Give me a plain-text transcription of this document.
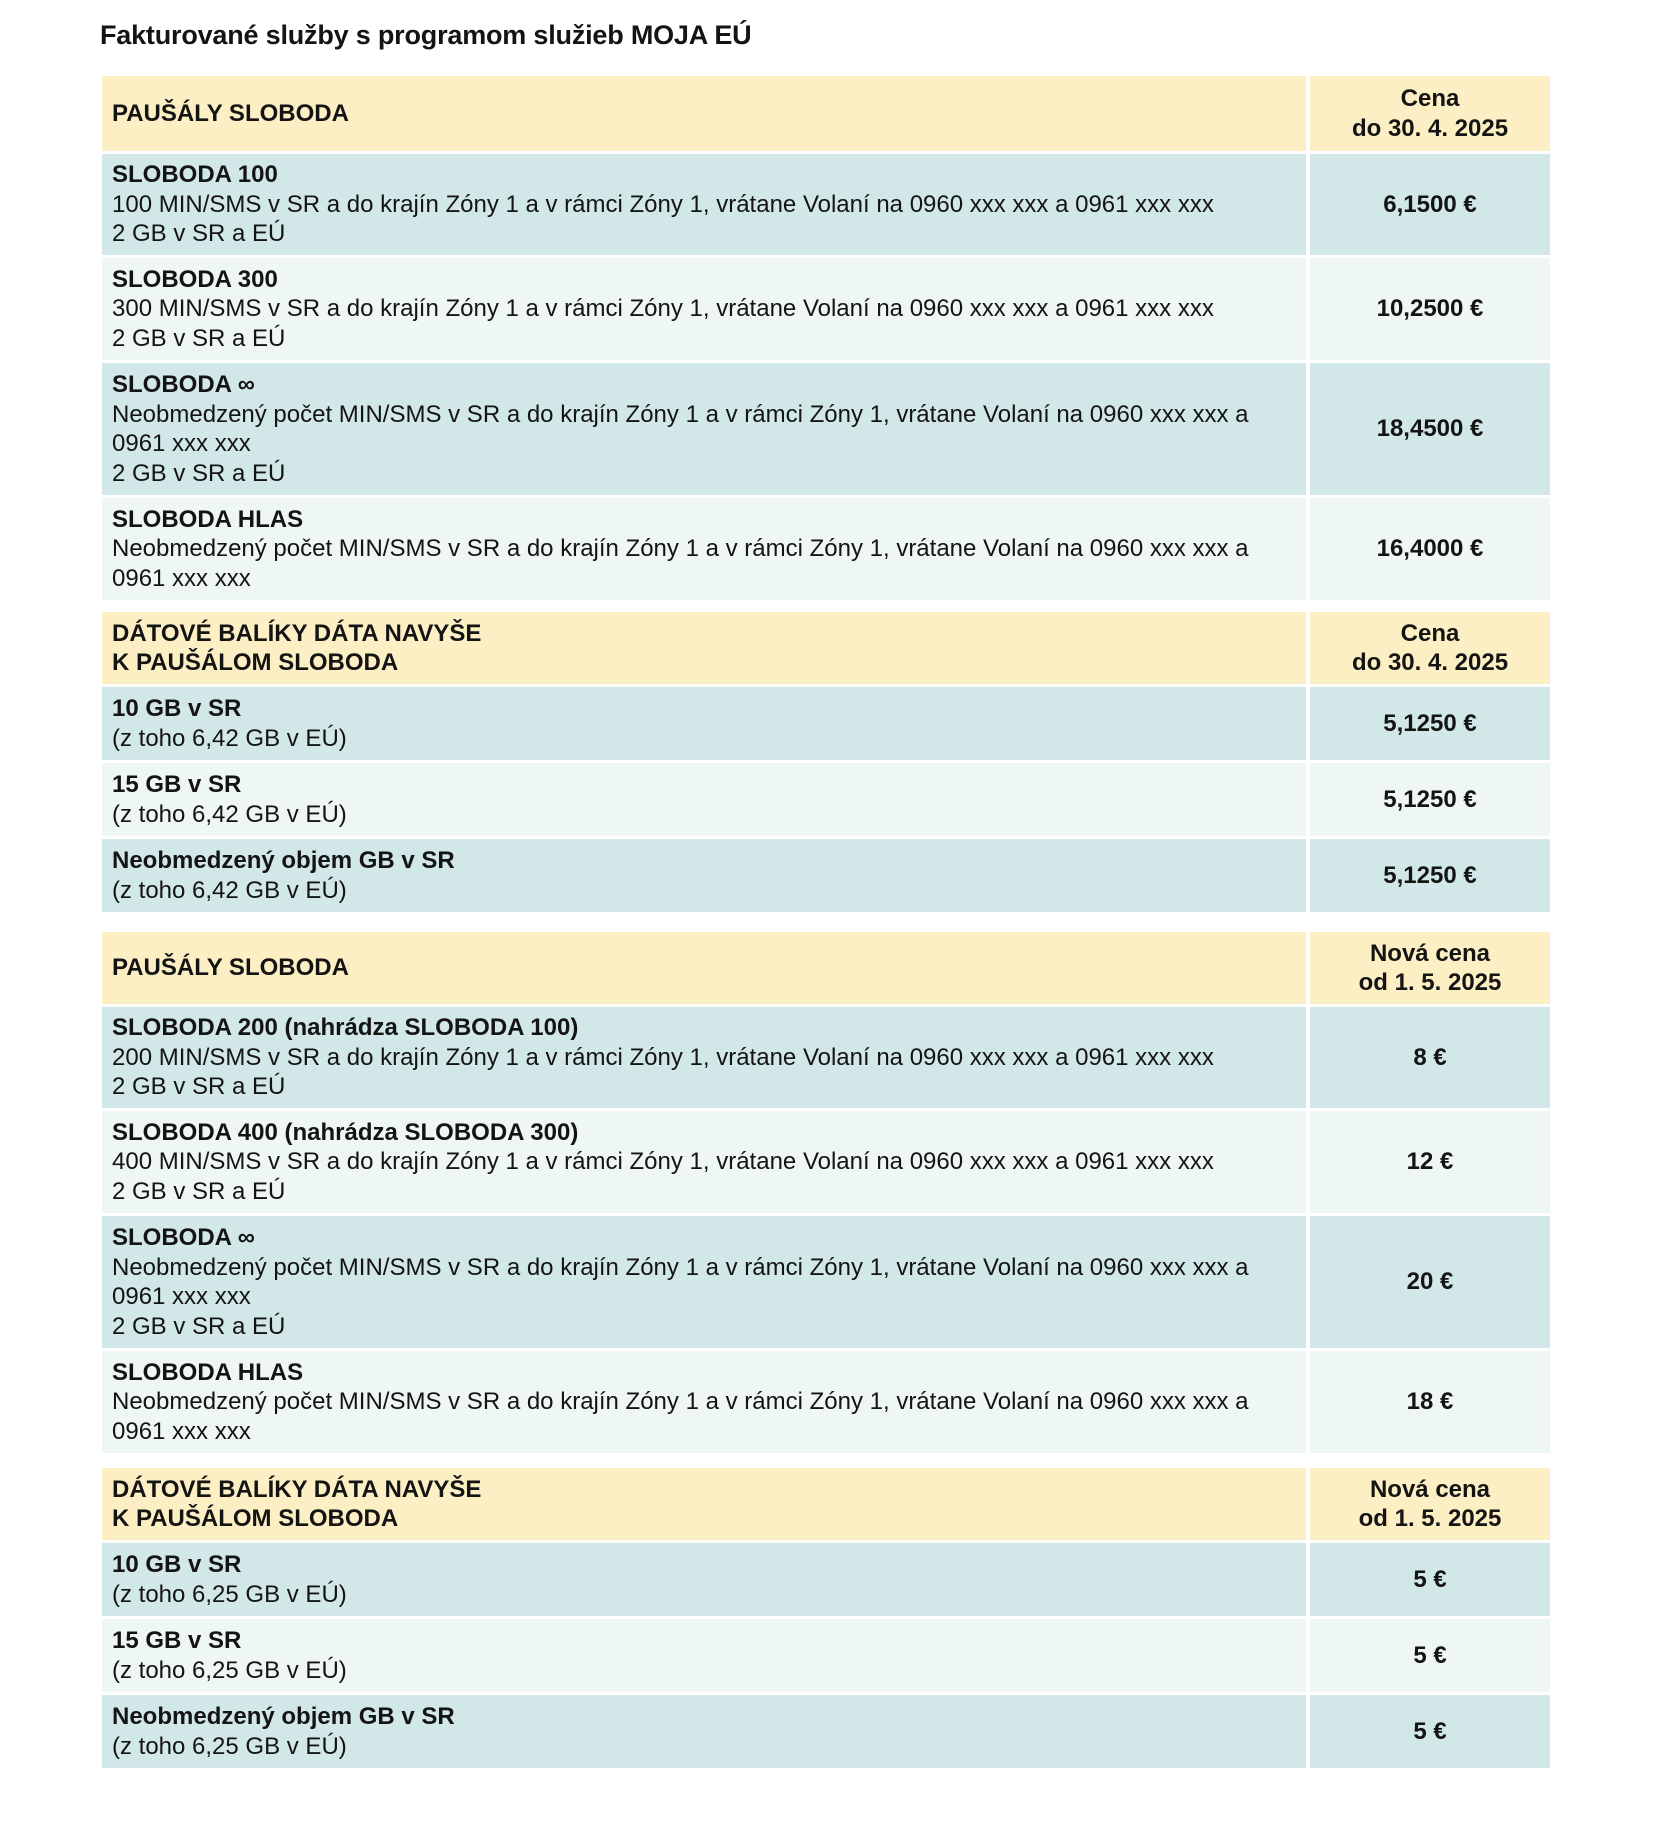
Fakturované služby s programom služieb MOJA EÚ
PAUŠÁLY SLOBODA
Cena
do 30. 4. 2025
SLOBODA 100
100 MIN/SMS v SR a do krajín Zóny 1 a v rámci Zóny 1, vrátane Volaní na 0960 xxx xxx a 0961 xxx xxx
2 GB v SR a EÚ
6,1500 €
SLOBODA 300
300 MIN/SMS v SR a do krajín Zóny 1 a v rámci Zóny 1, vrátane Volaní na 0960 xxx xxx a 0961 xxx xxx
2 GB v SR a EÚ
10,2500 €
SLOBODA ∞
Neobmedzený počet MIN/SMS v SR a do krajín Zóny 1 a v rámci Zóny 1, vrátane Volaní na 0960 xxx xxx a
0961 xxx xxx
2 GB v SR a EÚ
18,4500 €
SLOBODA HLAS
Neobmedzený počet MIN/SMS v SR a do krajín Zóny 1 a v rámci Zóny 1, vrátane Volaní na 0960 xxx xxx a
0961 xxx xxx
16,4000 €
DÁTOVÉ BALÍKY DÁTA NAVYŠE
K PAUŠÁLOM SLOBODA
Cena
do 30. 4. 2025
10 GB v SR
(z toho 6,42 GB v EÚ)
5,1250 €
15 GB v SR
(z toho 6,42 GB v EÚ)
5,1250 €
Neobmedzený objem GB v SR
(z toho 6,42 GB v EÚ)
5,1250 €
PAUŠÁLY SLOBODA
Nová cena
od 1. 5. 2025
SLOBODA 200 (nahrádza SLOBODA 100)
200 MIN/SMS v SR a do krajín Zóny 1 a v rámci Zóny 1, vrátane Volaní na 0960 xxx xxx a 0961 xxx xxx
2 GB v SR a EÚ
8 €
SLOBODA 400 (nahrádza SLOBODA 300)
400 MIN/SMS v SR a do krajín Zóny 1 a v rámci Zóny 1, vrátane Volaní na 0960 xxx xxx a 0961 xxx xxx
2 GB v SR a EÚ
12 €
SLOBODA ∞
Neobmedzený počet MIN/SMS v SR a do krajín Zóny 1 a v rámci Zóny 1, vrátane Volaní na 0960 xxx xxx a
0961 xxx xxx
2 GB v SR a EÚ
20 €
SLOBODA HLAS
Neobmedzený počet MIN/SMS v SR a do krajín Zóny 1 a v rámci Zóny 1, vrátane Volaní na 0960 xxx xxx a
0961 xxx xxx
18 €
DÁTOVÉ BALÍKY DÁTA NAVYŠE
K PAUŠÁLOM SLOBODA
Nová cena
od 1. 5. 2025
10 GB v SR
(z toho 6,25 GB v EÚ)
5 €
15 GB v SR
(z toho 6,25 GB v EÚ)
5 €
Neobmedzený objem GB v SR
(z toho 6,25 GB v EÚ)
5 €
